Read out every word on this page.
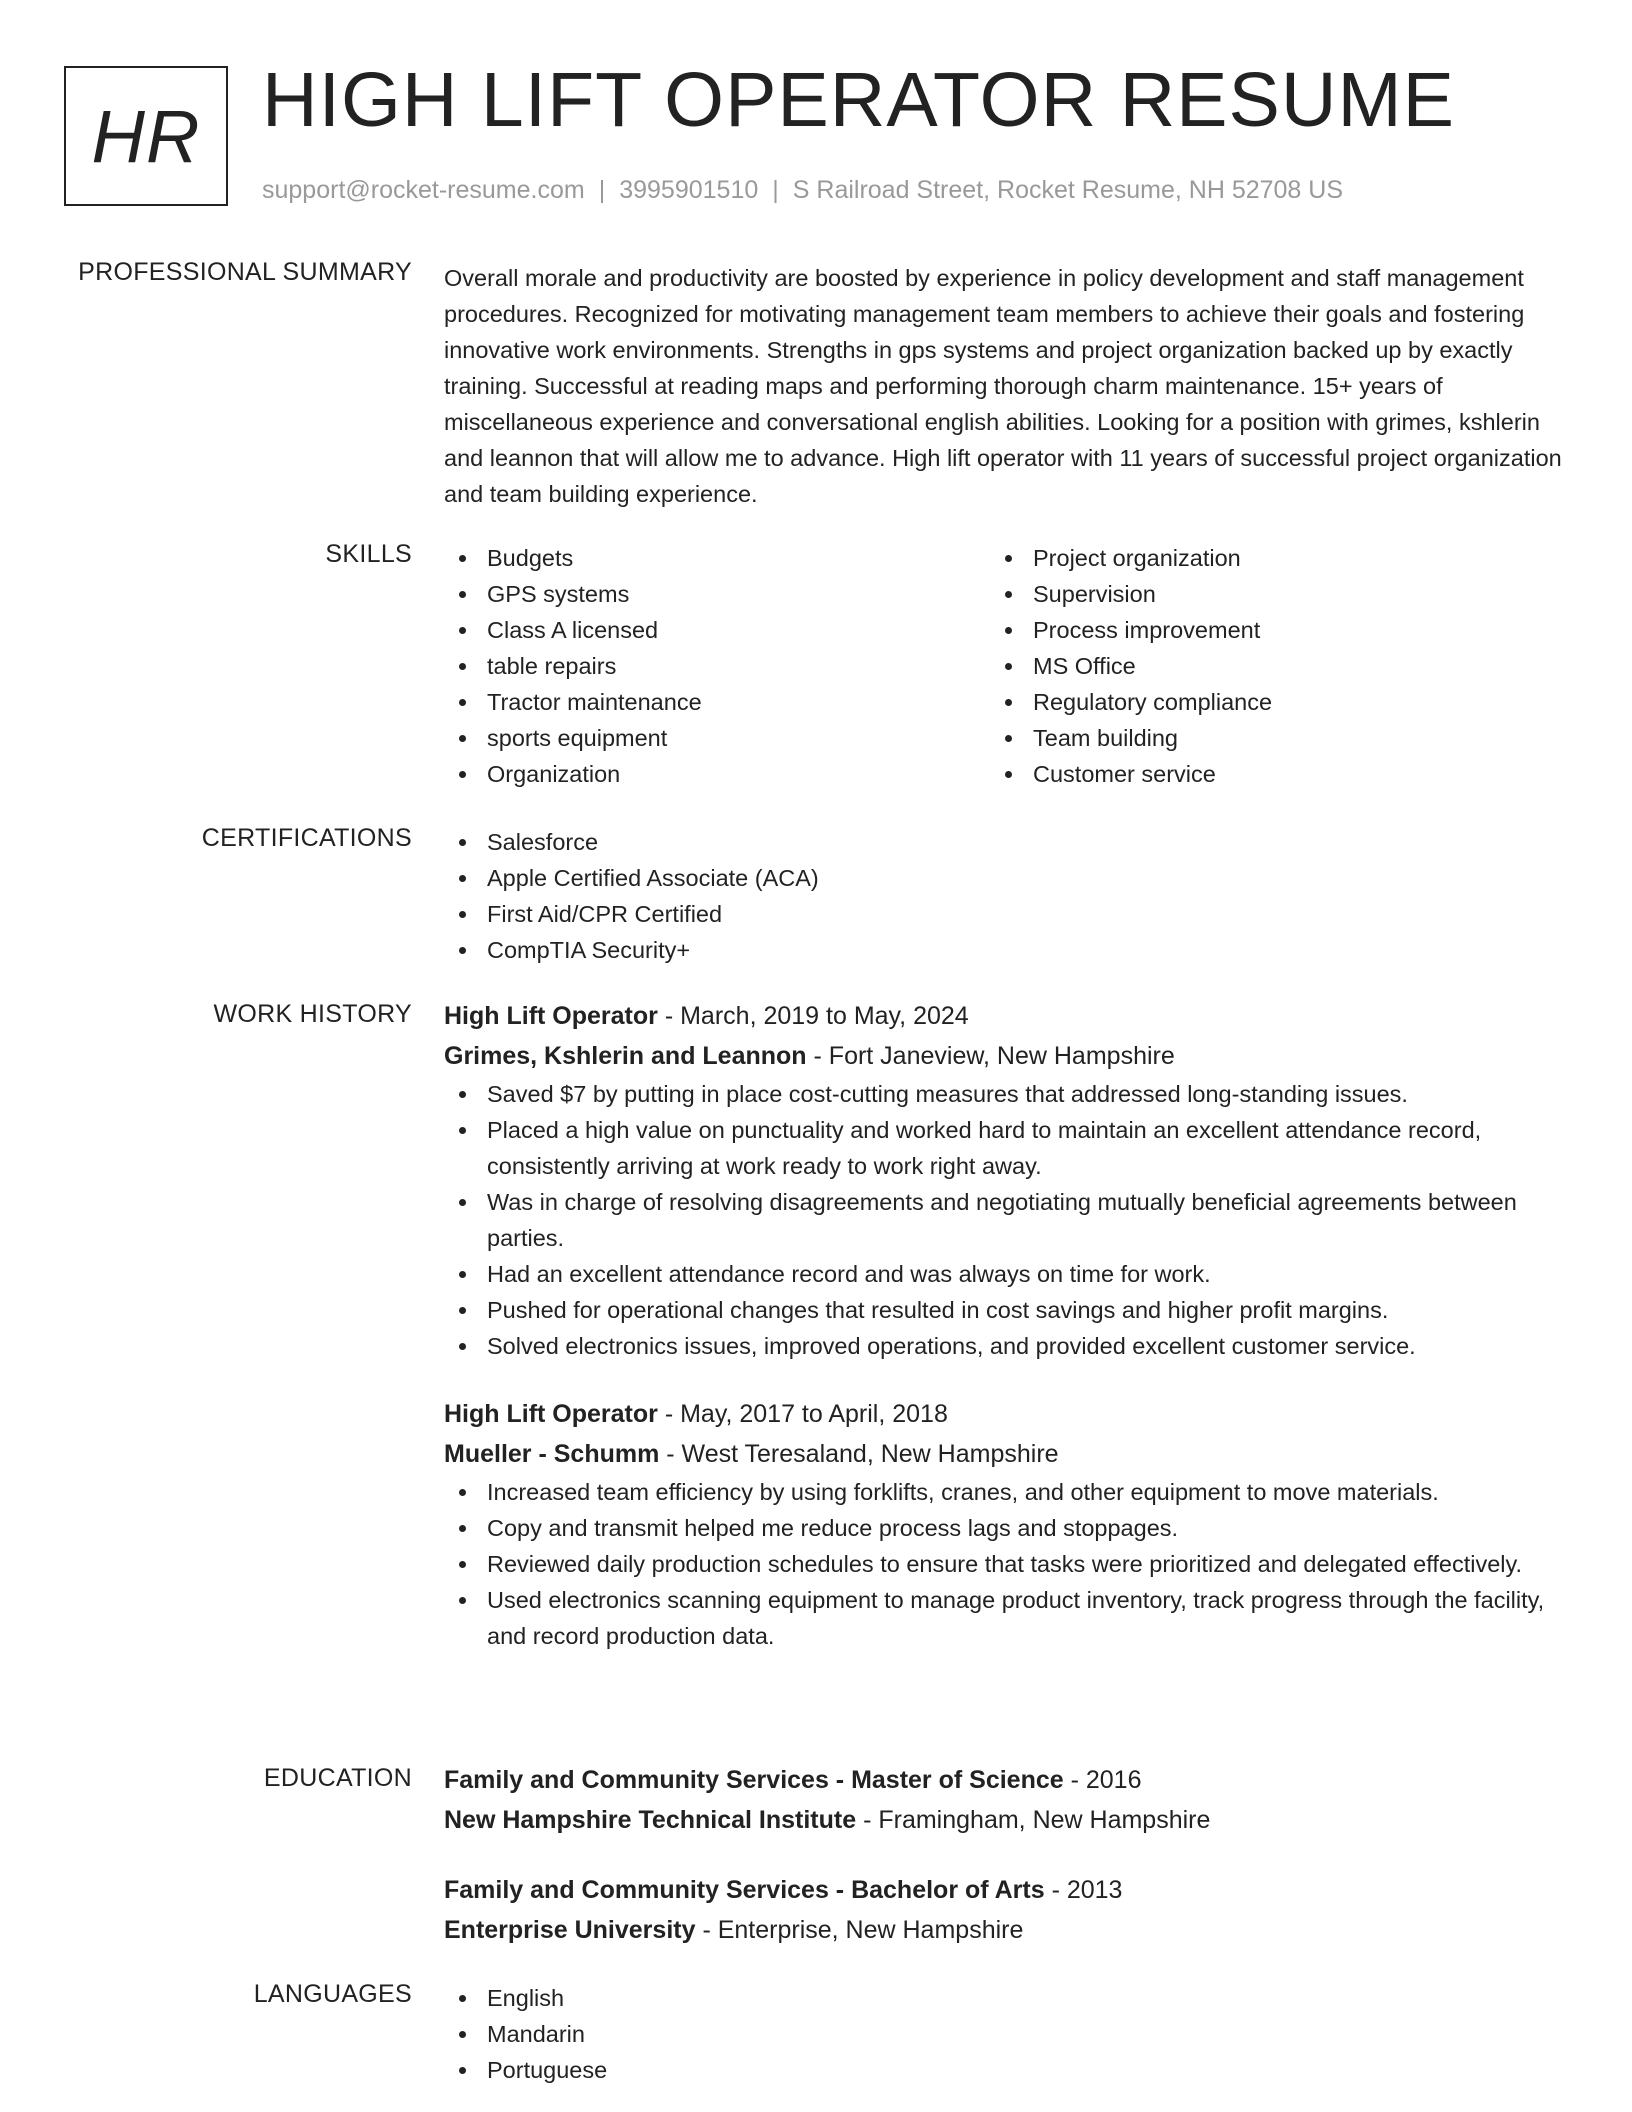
HR HIGH LIFT OPERATOR RESUME
support@rocket-resume.com | 3995901510 | S Railroad Street, Rocket Resume, NH 52708 US
PROFESSIONAL SUMMARY Overall morale and productivity are boosted by experience in policy development and staff management procedures. Recognized for motivating management team members to achieve their goals and fostering innovative work environments. Strengths in gps systems and project organization backed up by exactly training. Successful at reading maps and performing thorough charm maintenance. 15+ years of miscellaneous experience and conversational english abilities. Looking for a position with grimes, kshlerin and leannon that will allow me to advance. High lift operator with 11 years of successful project organization and team building experience.

SKILLS	Budgets
GPS systems
Class A licensed
table repairs
Tractor maintenance
sports equipment
Organization
Project organization
Supervision
Process improvement
MS Office
Regulatory compliance
Team building
Customer service
CERTIFICATIONS	Salesforce
Apple Certified Associate (ACA)
First Aid/CPR Certified
CompTIA Security+
WORK HISTORY High Lift Operator - March, 2019 to May, 2024
Grimes, Kshlerin and Leannon - Fort Janeview, New Hampshire
Saved $7 by putting in place cost-cutting measures that addressed long-standing issues.
Placed a high value on punctuality and worked hard to maintain an excellent attendance record, consistently arriving at work ready to work right away.
Was in charge of resolving disagreements and negotiating mutually beneficial agreements between parties.
Had an excellent attendance record and was always on time for work.
Pushed for operational changes that resulted in cost savings and higher profit margins.
Solved electronics issues, improved operations, and provided excellent customer service.
High Lift Operator - May, 2017 to April, 2018
Mueller - Schumm - West Teresaland, New Hampshire
Increased team efficiency by using forklifts, cranes, and other equipment to move materials.
Copy and transmit helped me reduce process lags and stoppages.
Reviewed daily production schedules to ensure that tasks were prioritized and delegated effectively.
Used electronics scanning equipment to manage product inventory, track progress through the facility, and record production data.
EDUCATION Family and Community Services - Master of Science - 2016
New Hampshire Technical Institute - Framingham, New Hampshire
Family and Community Services - Bachelor of Arts - 2013
Enterprise University - Enterprise, New Hampshire
LANGUAGES	English
Mandarin
Portuguese
